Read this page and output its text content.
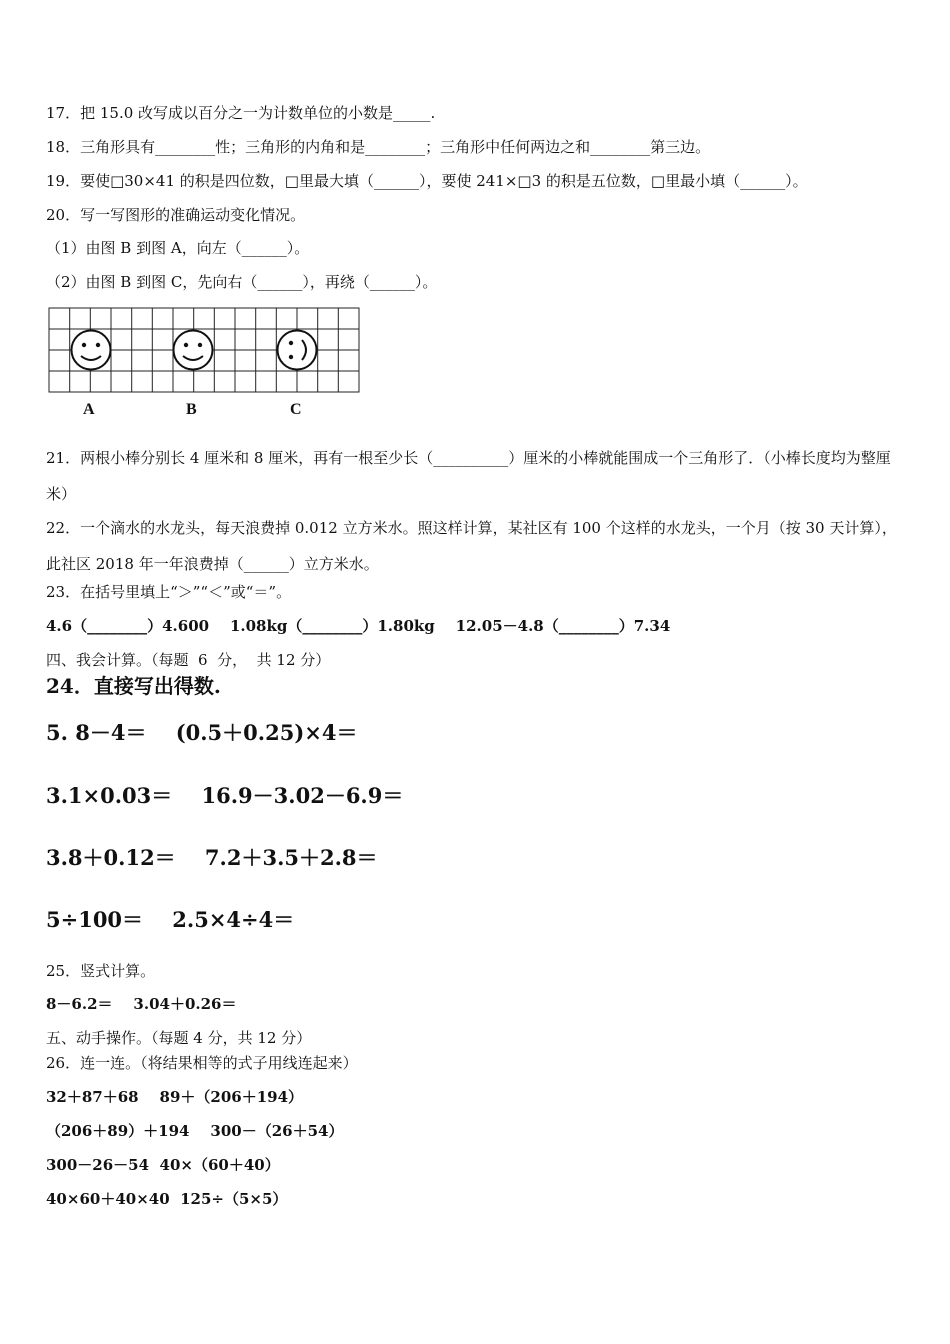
17．把 15.0 改写成以百分之一为计数单位的小数是_____.
18．三角形具有________性；三角形的内角和是________；三角形中任何两边之和________第三边。
19．要使□30×41 的积是四位数，□里最大填（______），要使 241×□3 的积是五位数，□里最小填（______）。
20．写一写图形的准确运动变化情况。
（1）由图 B 到图 A，向左（______）。
（2）由图 B 到图 C，先向右（______），再绕（______）。
A	B	C
21．两根小棒分别长 4 厘米和 8 厘米，再有一根至少长（__________）厘米的小棒就能围成一个三角形了．（小棒长度均为整厘米）
22．一个滴水的水龙头，每天浪费掉 0.012 立方米水。照这样计算，某社区有 100 个这样的水龙头，一个月（按 30 天计算），此社区 2018 年一年浪费掉（______）立方米水。
23．在括号里填上“＞”“＜”或“＝”。
4.6（________）4.600    1.08kg（________）1.80kg    12.05－4.8（________）7.34
四、我会计算。（每题  6  分，  共 12 分）
24．直接写出得数.
5. 8－4＝    (0.5＋0.25)×4＝
3.1×0.03＝    16.9－3.02－6.9＝
3.8＋0.12＝    7.2＋3.5＋2.8＝
5÷100＝    2.5×4÷4＝
25．竖式计算。
8－6.2＝    3.04＋0.26＝
五、动手操作。（每题 4 分，共 12 分）
26．连一连。（将结果相等的式子用线连起来）
32＋87＋68    89＋（206＋194）
（206＋89）＋194    300－（26＋54）
300－26－54  40×（60＋40）
40×60＋40×40  125÷（5×5）
